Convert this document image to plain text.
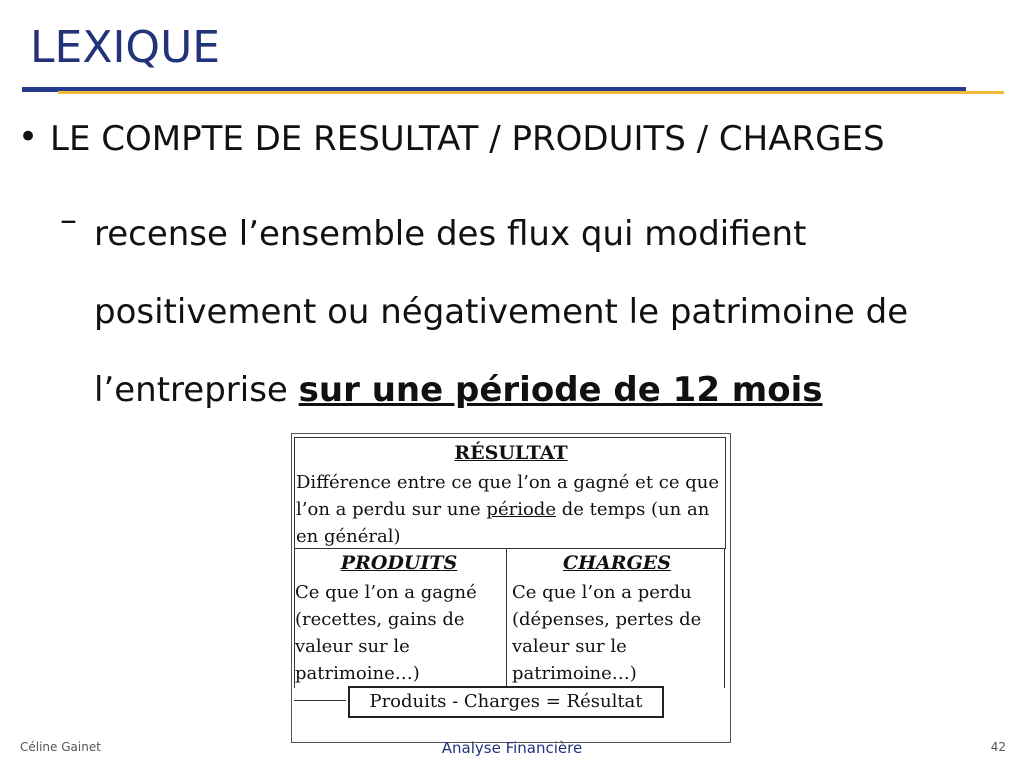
LEXIQUE
• LE COMPTE DE RESULTAT / PRODUITS / CHARGES
– recense l’ensemble des flux qui modifient
positivement ou négativement le patrimoine de
l’entreprise sur une période de 12 mois
RÉSULTAT
Différence entre ce que l’on a gagné et ce que l’on a perdu sur une période de temps (un an en général)
PRODUITS
Ce que l’on a gagné (recettes, gains de valeur sur le patrimoine…)
CHARGES
Ce que l’on a perdu (dépenses, pertes de valeur sur le patrimoine…)
Produits - Charges = Résultat
Céline Gainet	Analyse Financière	42
